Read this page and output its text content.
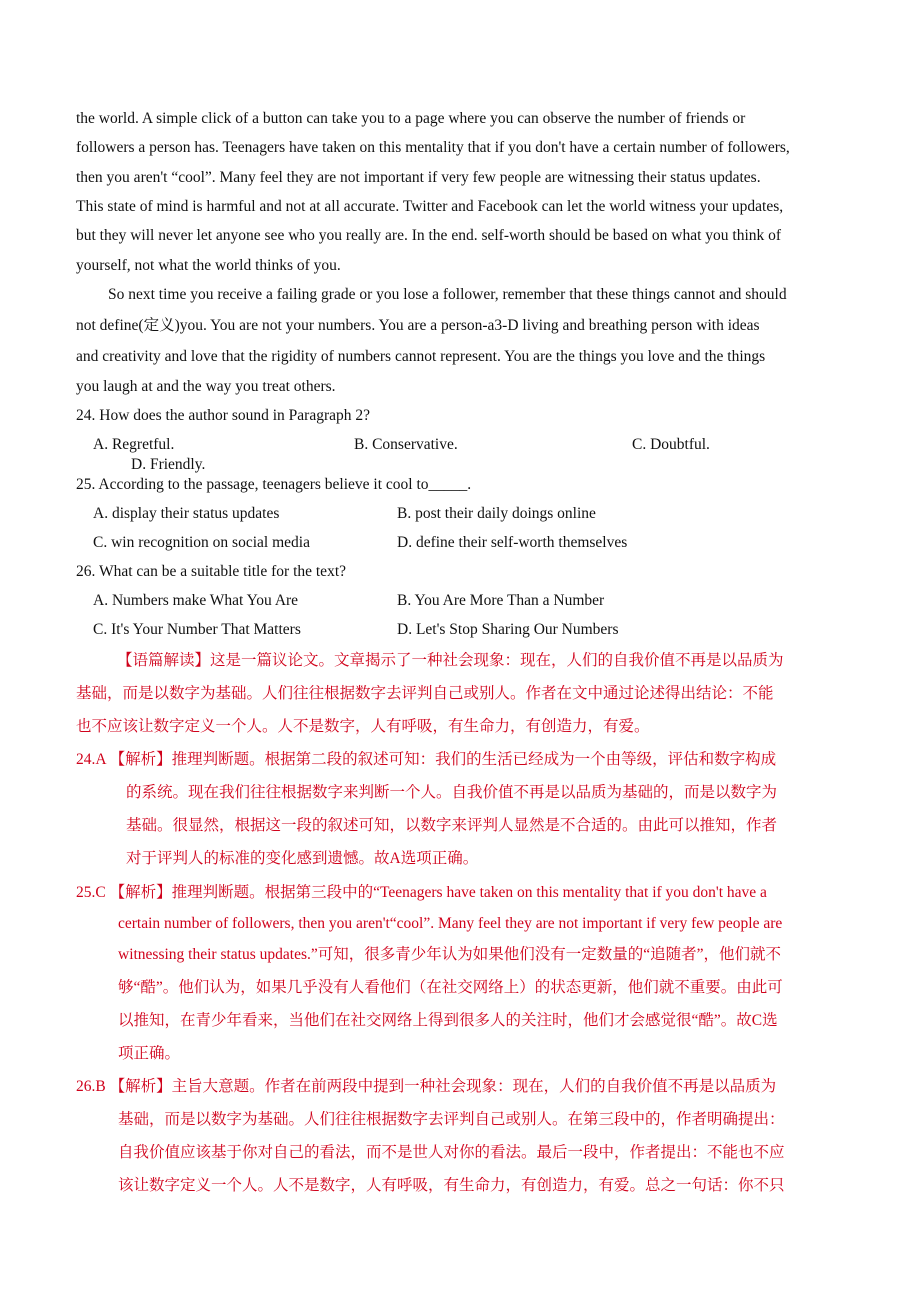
the world. A simple click of a button can take you to a page where you can observe the number of friends or
followers a person has. Teenagers have taken on this mentality that if you don't have a certain number of followers,
then you aren't “cool”. Many feel they are not important if very few people are witnessing their status updates.
This state of mind is harmful and not at all accurate. Twitter and Facebook can let the world witness your updates,
but they will never let anyone see who you really are. In the end. self-worth should be based on what you think of
yourself, not what the world thinks of you.
So next time you receive a failing grade or you lose a follower, remember that these things cannot and should
not define(定义)you. You are not your numbers. You are a person-a3-D living and breathing person with ideas
and creativity and love that the rigidity of numbers cannot represent. You are the things you love and the things
you laugh at and the way you treat others.
24. How does the author sound in Paragraph 2?
A. Regretful.	B. Conservative.	C. Doubtful.
D. Friendly.
25. According to the passage, teenagers believe it cool to_____.
A. display their status updates	B. post their daily doings online
C. win recognition on social media	D. define their self-worth themselves
26. What can be a suitable title for the text?
A. Numbers make What You Are	B. You Are More Than a Number
C. It's Your Number That Matters	D. Let's Stop Sharing Our Numbers
【语篇解读】这是一篇议论文。文章揭示了一种社会现象：现在，人们的自我价值不再是以品质为
基础，而是以数字为基础。人们往往根据数字去评判自己或别人。作者在文中通过论述得出结论：不能
也不应该让数字定义一个人。人不是数字，人有呼吸，有生命力，有创造力，有爱。
24.A 【解析】推理判断题。根据第二段的叙述可知：我们的生活已经成为一个由等级，评估和数字构成
的系统。现在我们往往根据数字来判断一个人。自我价值不再是以品质为基础的，而是以数字为
基础。很显然，根据这一段的叙述可知，以数字来评判人显然是不合适的。由此可以推知，作者
对于评判人的标准的变化感到遗憾。故A选项正确。
25.C 【解析】推理判断题。根据第三段中的“Teenagers have taken on this mentality that if you don't have a
certain number of followers, then you aren't“cool”. Many feel they are not important if very few people are
witnessing their status updates.”可知，很多青少年认为如果他们没有一定数量的“追随者”，他们就不
够“酷”。他们认为，如果几乎没有人看他们（在社交网络上）的状态更新，他们就不重要。由此可
以推知，在青少年看来，当他们在社交网络上得到很多人的关注时，他们才会感觉很“酷”。故C选
项正确。
26.B 【解析】主旨大意题。作者在前两段中提到一种社会现象：现在，人们的自我价值不再是以品质为
基础，而是以数字为基础。人们往往根据数字去评判自己或别人。在第三段中的，作者明确提出：
自我价值应该基于你对自己的看法，而不是世人对你的看法。最后一段中，作者提出：不能也不应
该让数字定义一个人。人不是数字，人有呼吸，有生命力，有创造力，有爱。总之一句话：你不只
